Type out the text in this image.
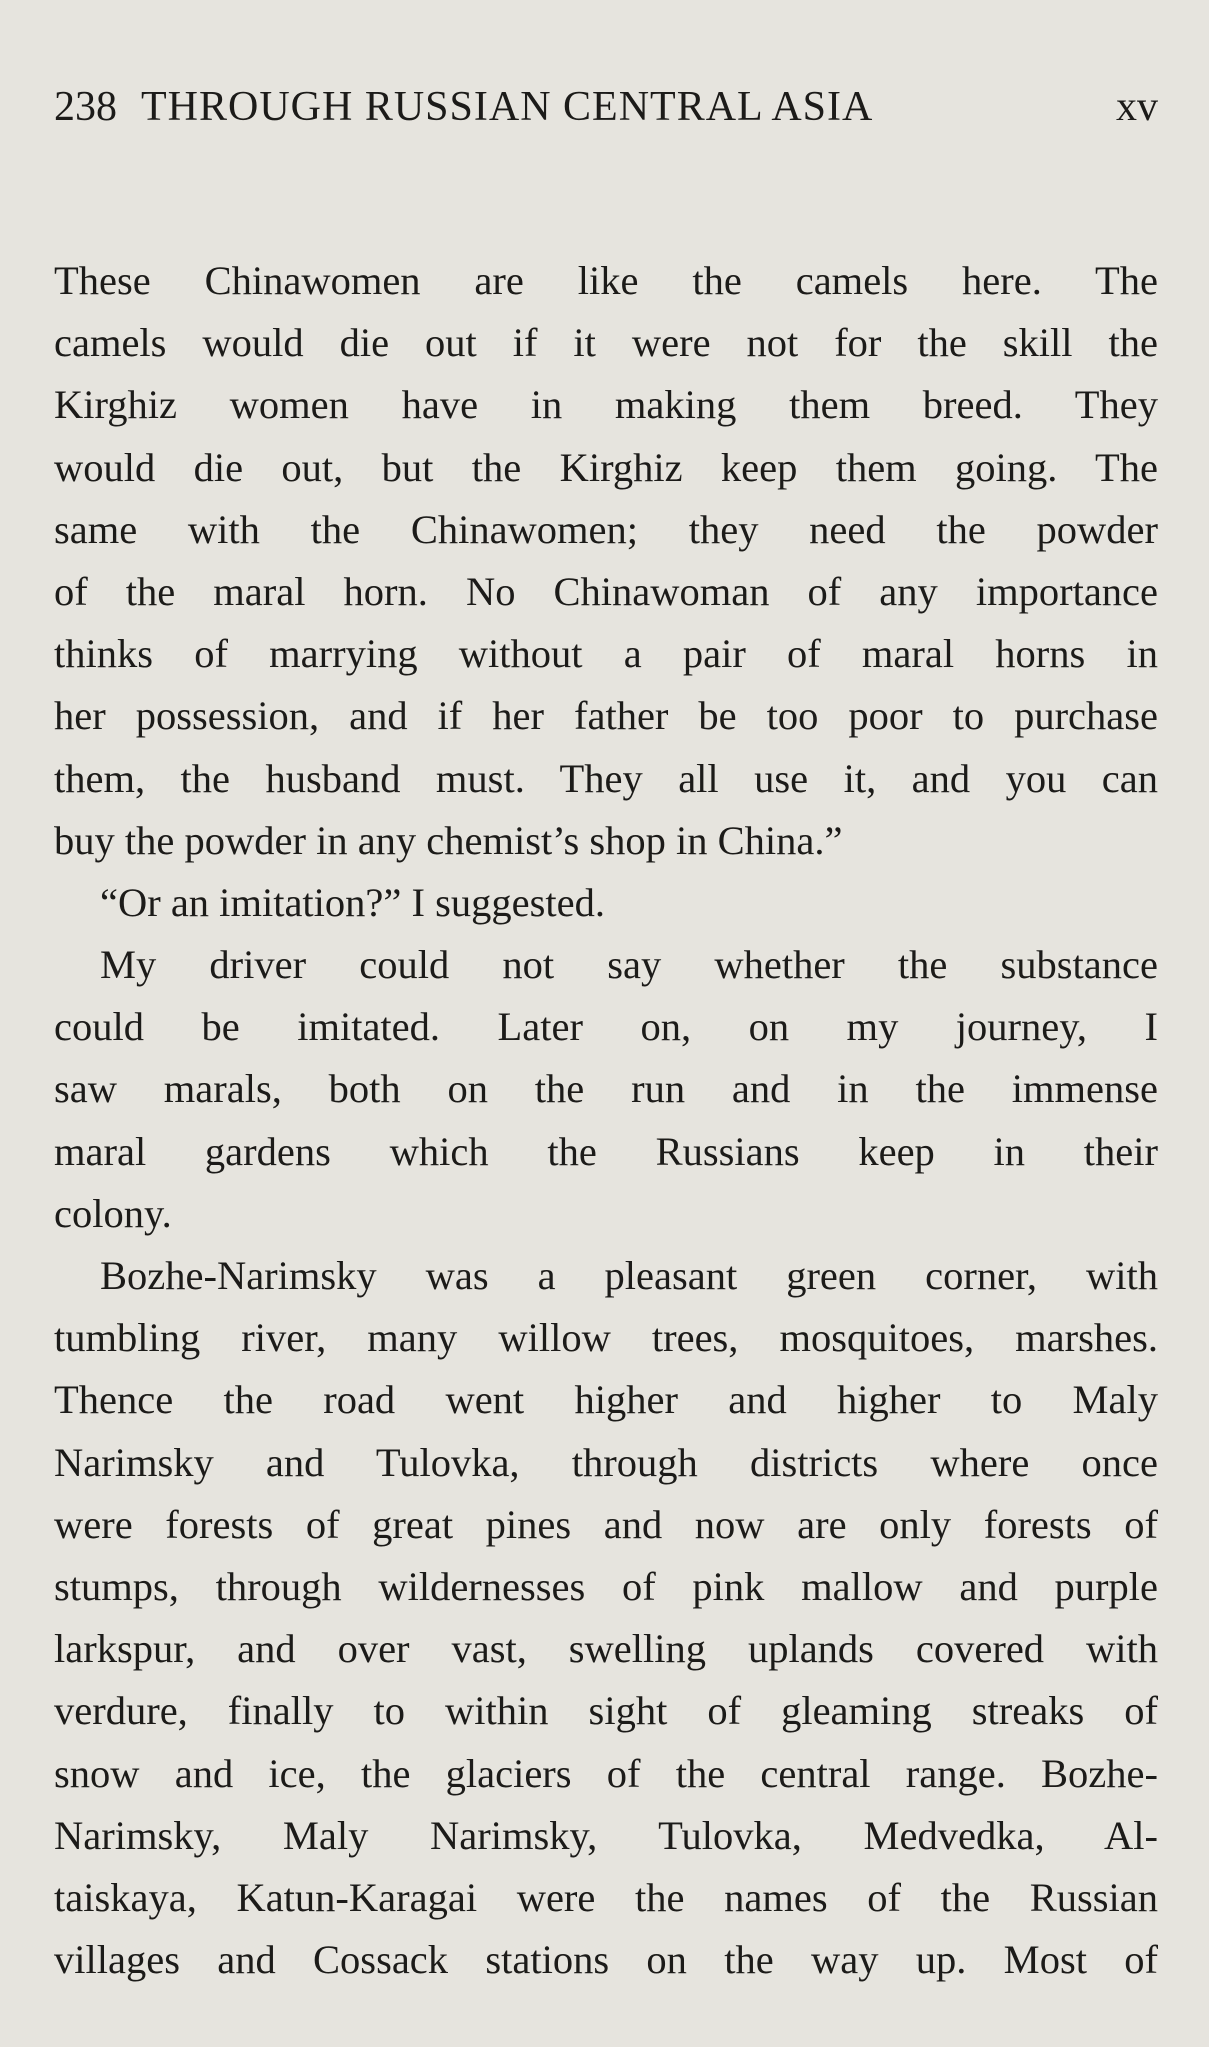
238 THROUGH RUSSIAN CENTRAL ASIA	xv
These Chinawomen are like the camels here. The
camels would die out if it were not for the skill the
Kirghiz women have in making them breed. They
would die out, but the Kirghiz keep them going. The
same with the Chinawomen; they need the powder
of the maral horn. No Chinawoman of any importance
thinks of marrying without a pair of maral horns in
her possession, and if her father be too poor to purchase
them, the husband must. They all use it, and you can
buy the powder in any chemist’s shop in China.”
“Or an imitation?” I suggested.
My driver could not say whether the substance
could be imitated. Later on, on my journey, I
saw marals, both on the run and in the immense
maral gardens which the Russians keep in their
colony.
Bozhe-Narimsky was a pleasant green corner, with
tumbling river, many willow trees, mosquitoes, marshes.
Thence the road went higher and higher to Maly
Narimsky and Tulovka, through districts where once
were forests of great pines and now are only forests of
stumps, through wildernesses of pink mallow and purple
larkspur, and over vast, swelling uplands covered with
verdure, finally to within sight of gleaming streaks of
snow and ice, the glaciers of the central range. Bozhe-
Narimsky, Maly Narimsky, Tulovka, Medvedka, Al-
taiskaya, Katun-Karagai were the names of the Russian
villages and Cossack stations on the way up. Most of
